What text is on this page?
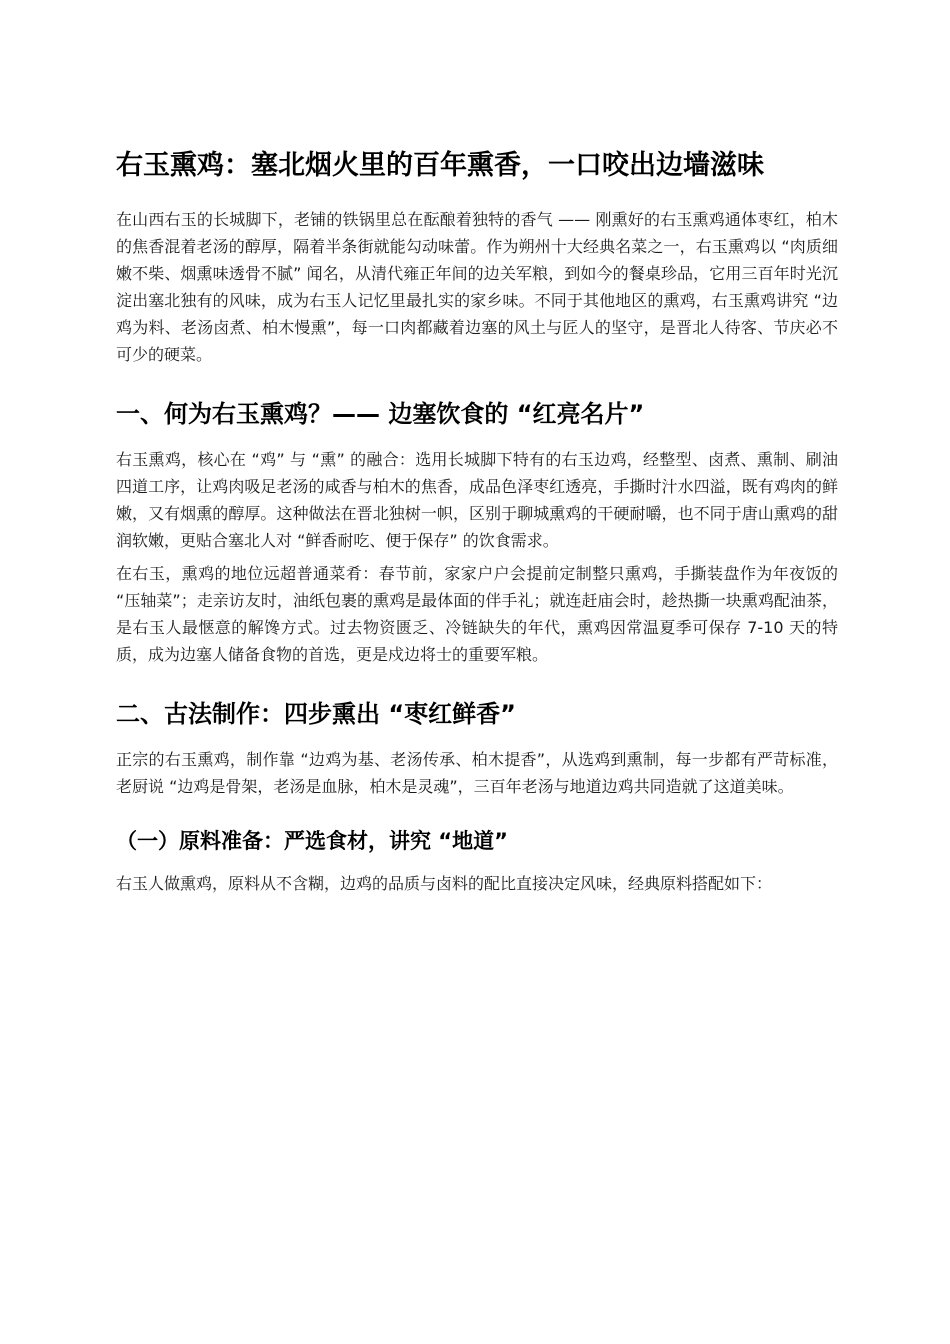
右玉熏鸡：塞北烟火里的百年熏香，一口咬出边墙滋味

在山西右玉的长城脚下，老铺的铁锅里总在酝酿着独特的香气 —— 刚熏好的右玉熏鸡通体枣红，柏木的焦香混着老汤的醇厚，隔着半条街就能勾动味蕾。作为朔州十大经典名菜之一，右玉熏鸡以 “肉质细嫩不柴、烟熏味透骨不腻” 闻名，从清代雍正年间的边关军粮，到如今的餐桌珍品，它用三百年时光沉淀出塞北独有的风味，成为右玉人记忆里最扎实的家乡味。不同于其他地区的熏鸡，右玉熏鸡讲究 “边鸡为料、老汤卤煮、柏木慢熏”，每一口肉都藏着边塞的风土与匠人的坚守，是晋北人待客、节庆必不可少的硬菜。

一、何为右玉熏鸡？—— 边塞饮食的 “红亮名片”

右玉熏鸡，核心在 “鸡” 与 “熏” 的融合：选用长城脚下特有的右玉边鸡，经整型、卤煮、熏制、刷油四道工序，让鸡肉吸足老汤的咸香与柏木的焦香，成品色泽枣红透亮，手撕时汁水四溢，既有鸡肉的鲜嫩，又有烟熏的醇厚。这种做法在晋北独树一帜，区别于聊城熏鸡的干硬耐嚼，也不同于唐山熏鸡的甜润软嫩，更贴合塞北人对 “鲜香耐吃、便于保存” 的饮食需求。

在右玉，熏鸡的地位远超普通菜肴：春节前，家家户户会提前定制整只熏鸡，手撕装盘作为年夜饭的 “压轴菜”；走亲访友时，油纸包裹的熏鸡是最体面的伴手礼；就连赶庙会时，趁热撕一块熏鸡配油茶，是右玉人最惬意的解馋方式。过去物资匮乏、冷链缺失的年代，熏鸡因常温夏季可保存 7-10 天的特质，成为边塞人储备食物的首选，更是戍边将士的重要军粮。

二、古法制作：四步熏出 “枣红鲜香”

正宗的右玉熏鸡，制作靠 “边鸡为基、老汤传承、柏木提香”，从选鸡到熏制，每一步都有严苛标准，老厨说 “边鸡是骨架，老汤是血脉，柏木是灵魂”，三百年老汤与地道边鸡共同造就了这道美味。

（一）原料准备：严选食材，讲究 “地道”

右玉人做熏鸡，原料从不含糊，边鸡的品质与卤料的配比直接决定风味，经典原料搭配如下：
